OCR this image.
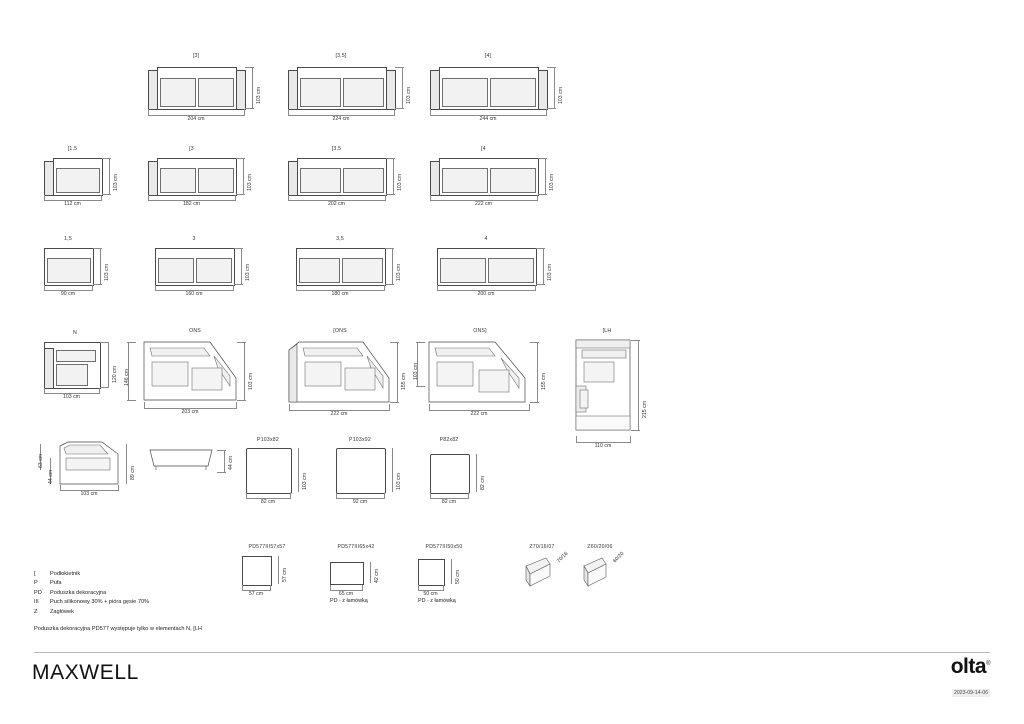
[3]
204 cm
103 cm
[3,5]
224 cm
103 cm
[4]
244 cm
103 cm
[1,5
112 cm
103 cm
[3
182 cm
103 cm
[3,5
202 cm
103 cm
[4
222 cm
103 cm
1,5
90 cm
103 cm
3
160 cm
103 cm
3,5
180 cm
103 cm
4
200 cm
103 cm
N
103 cm
120 cm
ONS
203 cm
146 cm	103 cm
[ONS
222 cm
155 cm
ONS]
222 cm
103 cm
155 cm
[LH
110 cm
215 cm
103 cm
63 cm
44 cm	89 cm
44 cm
P103x82
82 cm
103 cm
P103x92
92 cm
103 cm
P82x82
82 cm
82 cm
PD577III57x57
57 cm
57 cm
PD577III65x42
65 cm
42 cm
PD - z łamówką
PD577III50x50
50 cm
50 cm
PD - z łamówką
Z70/16/07
70/16
Z60/20/06
60/20
[	Podłokietnik
P	Pufa
PD	Poduszka dekoracyjna
III	Puch silikonowy 30% + pióra gęsie 70%
Z	Zagłówek
Poduszka dekoracyjna PD577 występuje tylko w elementach N, [LH
MAXWELL	olta®
2023-09-14-06
